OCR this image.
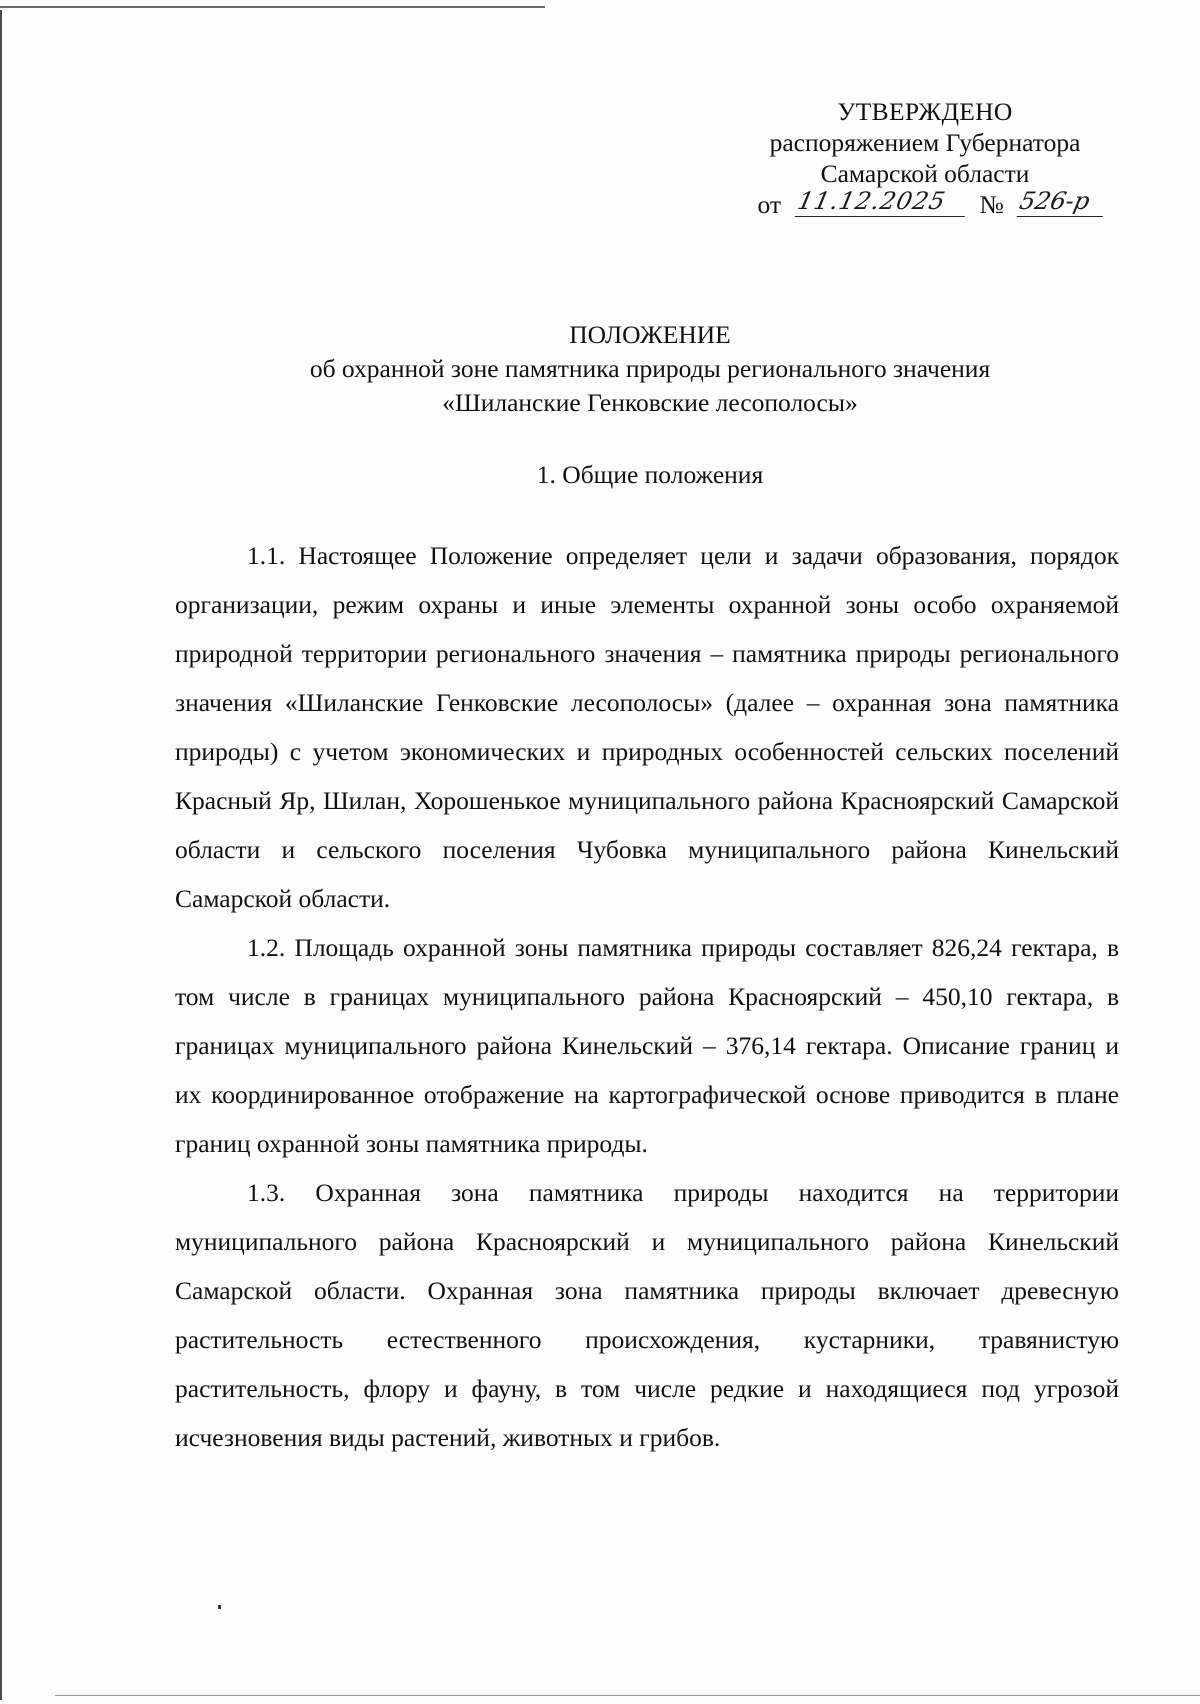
УТВЕРЖДЕНО
распоряжением Губернатора
Самарской области
от 11.12.2025	№ 526-р
ПОЛОЖЕНИЕ
об охранной зоне памятника природы регионального значения
«Шиланские Генковские лесополосы»
1. Общие положения

1.1. Настоящее Положение определяет цели и задачи образования, порядок организации, режим охраны и иные элементы охранной зоны особо охраняемой природной территории регионального значения – памятника природы регионального значения «Шиланские Генковские лесополосы» (далее – охранная зона памятника природы) с учетом экономических и природных особенностей сельских поселений Красный Яр, Шилан, Хорошенькое муниципального района Красноярский Самарской области и сельского поселения Чубовка муниципального района Кинельский Самарской области.

1.2. Площадь охранной зоны памятника природы составляет 826,24 гектара, в том числе в границах муниципального района Красноярский – 450,10 гектара, в границах муниципального района Кинельский – 376,14 гектара. Описание границ и их координированное отображение на картографической основе приводится в плане границ охранной зоны памятника природы.

1.3. Охранная зона памятника природы находится на территории муниципального района Красноярский и муниципального района Кинельский Самарской области. Охранная зона памятника природы включает древесную растительность естественного происхождения, кустарники, травянистую растительность, флору и фауну, в том числе редкие и находящиеся под угрозой исчезновения виды растений, животных и грибов.
